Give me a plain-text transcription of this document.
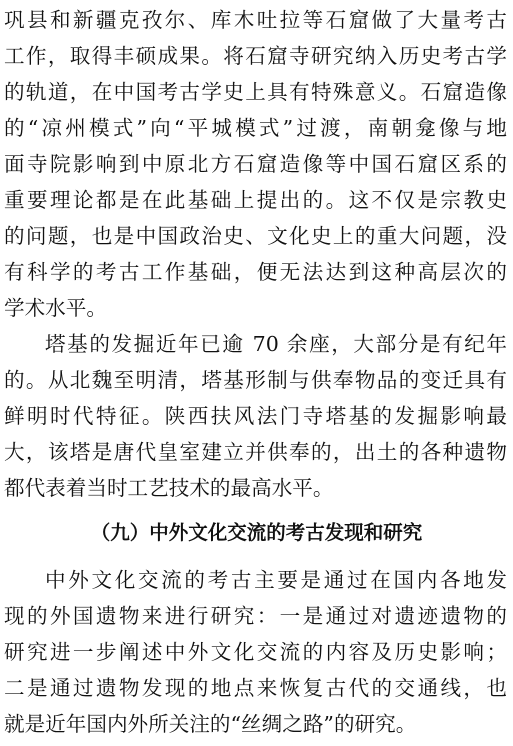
巩县和新疆克孜尔、库木吐拉等石窟做了大量考古
工作，取得丰硕成果。将石窟寺研究纳入历史考古学
的轨道，在中国考古学史上具有特殊意义。石窟造像
的“凉州模式”向“平城模式”过渡，南朝龛像与地
面寺院影响到中原北方石窟造像等中国石窟区系的
重要理论都是在此基础上提出的。这不仅是宗教史
的问题，也是中国政治史、文化史上的重大问题，没
有科学的考古工作基础，便无法达到这种高层次的
学术水平。
塔基的发掘近年已逾 70 余座，大部分是有纪年
的。从北魏至明清，塔基形制与供奉物品的变迁具有
鲜明时代特征。陕西扶风法门寺塔基的发掘影响最
大，该塔是唐代皇室建立并供奉的，出土的各种遗物
都代表着当时工艺技术的最高水平。
（九）中外文化交流的考古发现和研究
中外文化交流的考古主要是通过在国内各地发
现的外国遗物来进行研究：一是通过对遗迹遗物的
研究进一步阐述中外文化交流的内容及历史影响；
二是通过遗物发现的地点来恢复古代的交通线，也
就是近年国内外所关注的“丝绸之路”的研究。
